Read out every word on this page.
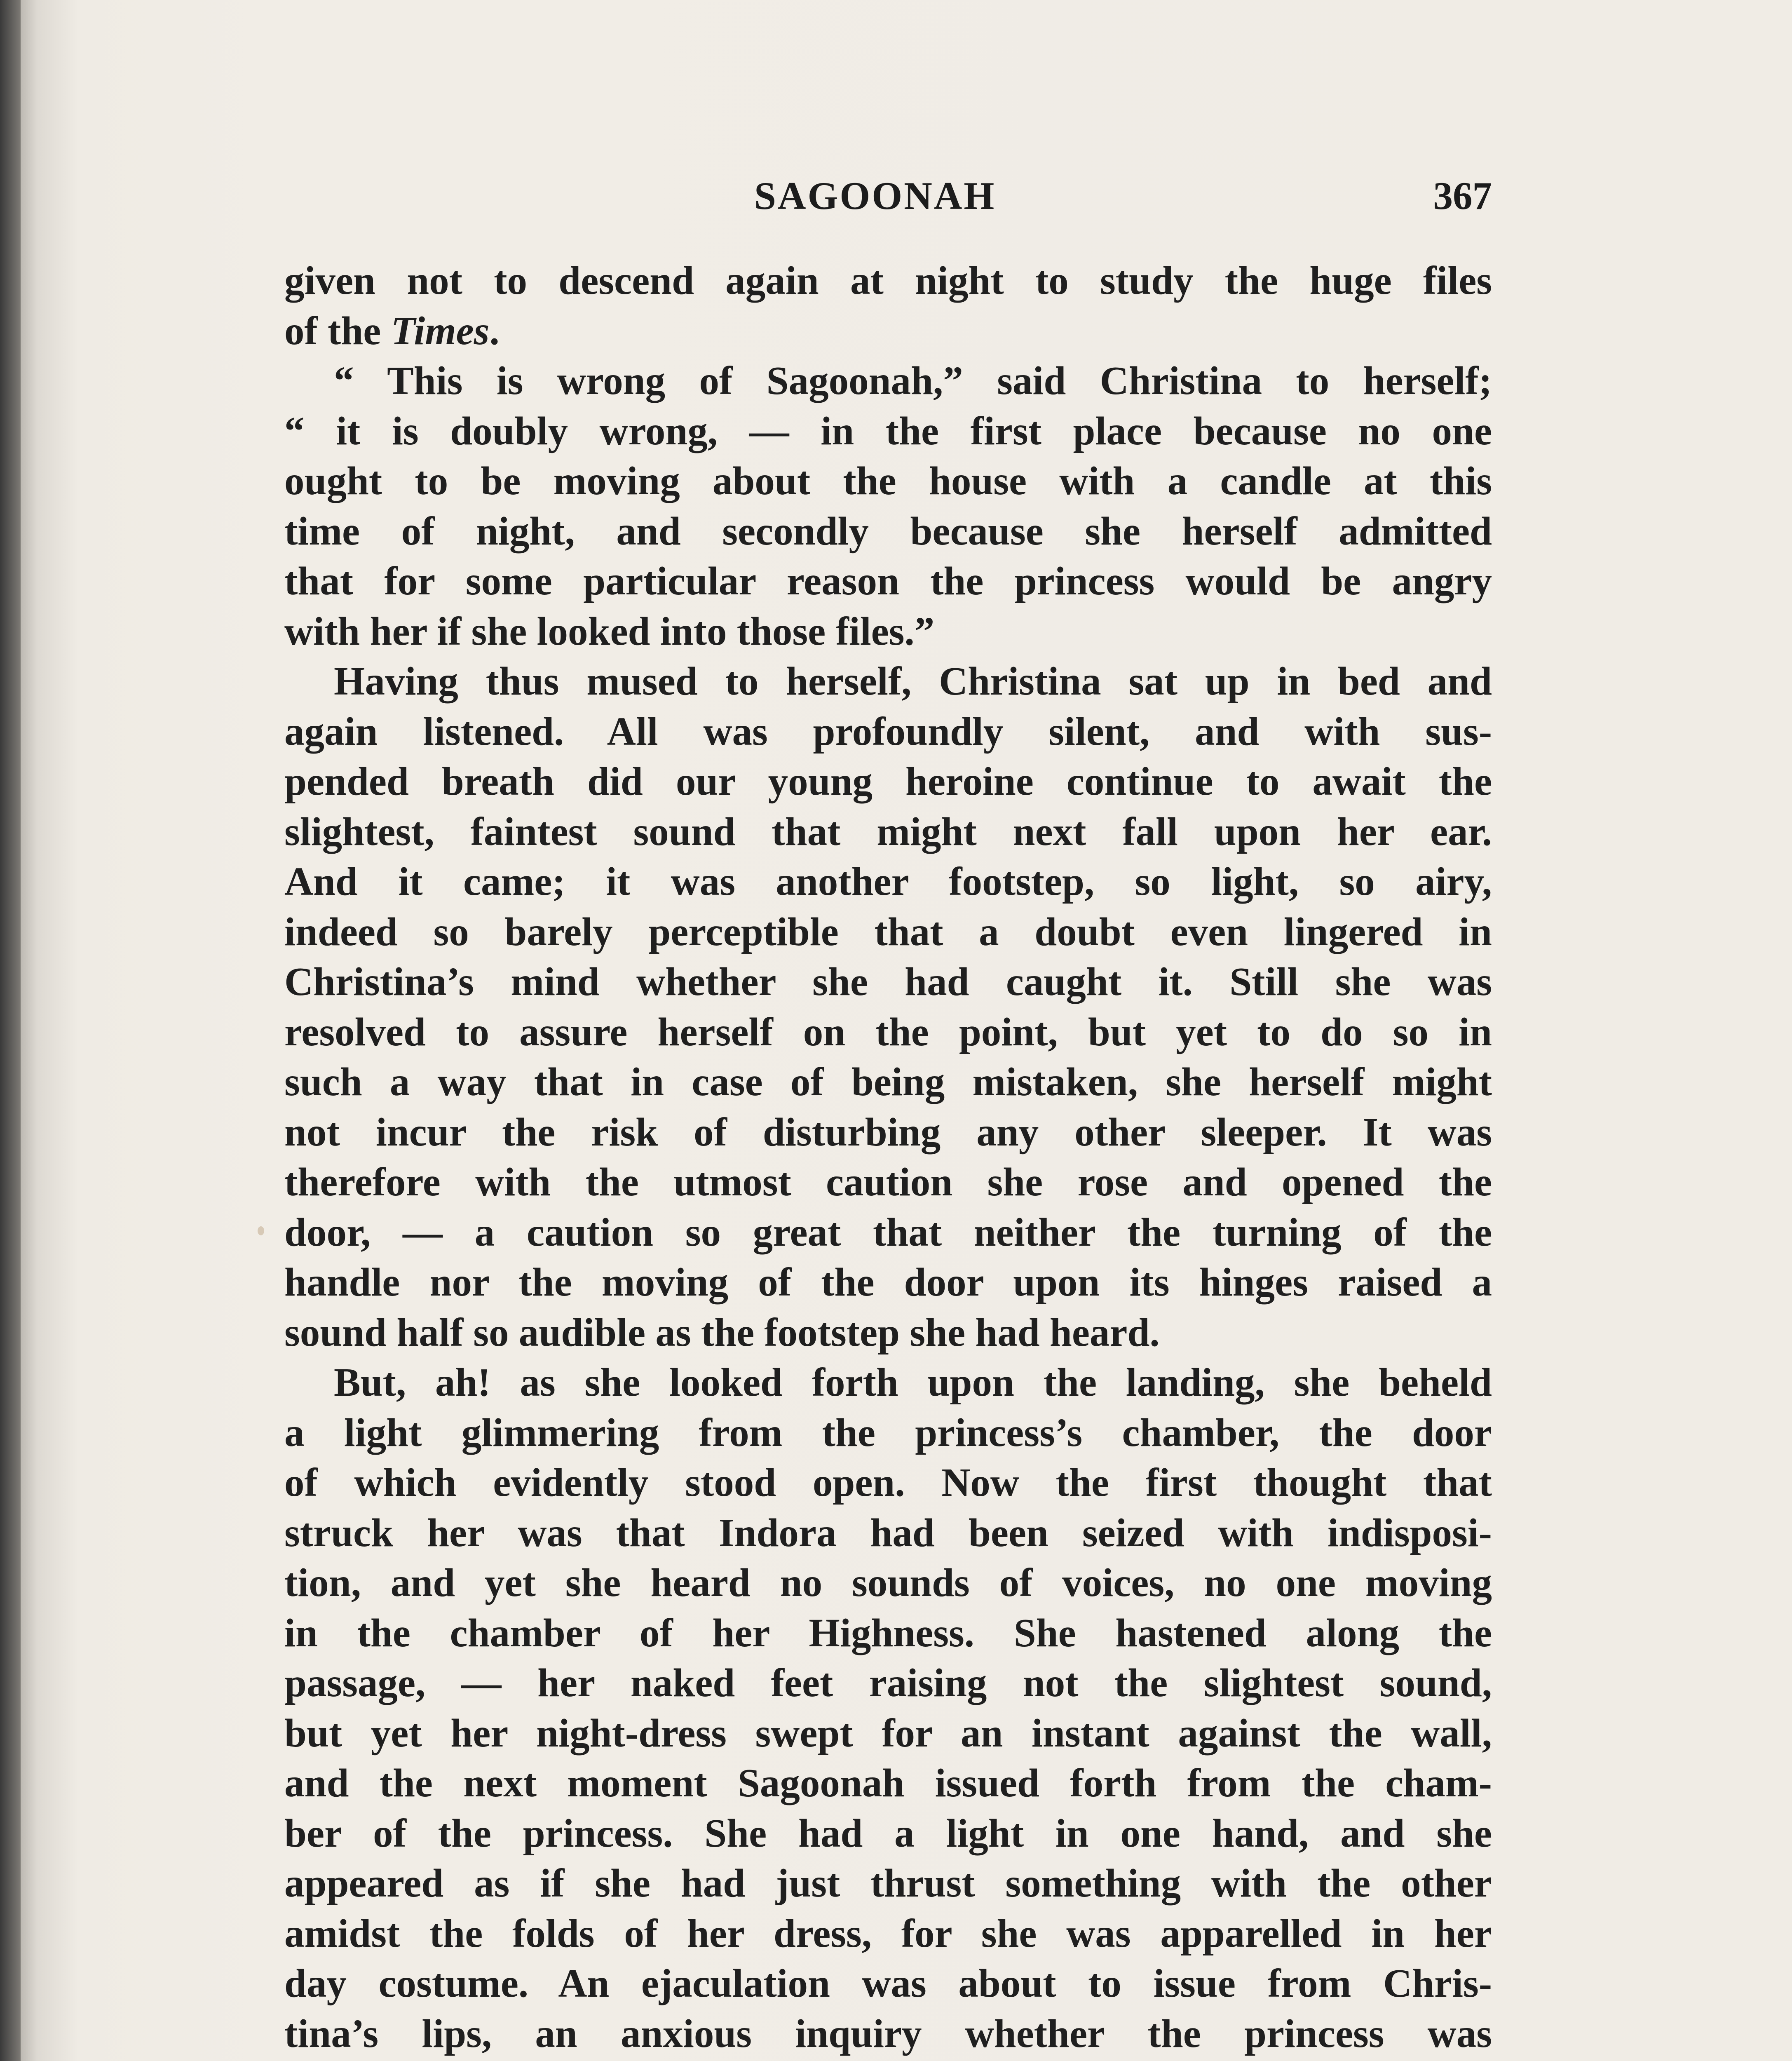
SAGOONAH	367
given not to descend again at night to study the huge files
of the Times.
“ This is wrong of Sagoonah,” said Christina to herself;
“ it is doubly wrong, — in the first place because no one
ought to be moving about the house with a candle at this
time of night, and secondly because she herself admitted
that for some particular reason the princess would be angry
with her if she looked into those files.”
Having thus mused to herself, Christina sat up in bed and
again listened. All was profoundly silent, and with sus-
pended breath did our young heroine continue to await the
slightest, faintest sound that might next fall upon her ear.
And it came; it was another footstep, so light, so airy,
indeed so barely perceptible that a doubt even lingered in
Christina’s mind whether she had caught it. Still she was
resolved to assure herself on the point, but yet to do so in
such a way that in case of being mistaken, she herself might
not incur the risk of disturbing any other sleeper. It was
therefore with the utmost caution she rose and opened the
door, — a caution so great that neither the turning of the
handle nor the moving of the door upon its hinges raised a
sound half so audible as the footstep she had heard.
But, ah! as she looked forth upon the landing, she beheld
a light glimmering from the princess’s chamber, the door
of which evidently stood open. Now the first thought that
struck her was that Indora had been seized with indisposi-
tion, and yet she heard no sounds of voices, no one moving
in the chamber of her Highness. She hastened along the
passage, — her naked feet raising not the slightest sound,
but yet her night-dress swept for an instant against the wall,
and the next moment Sagoonah issued forth from the cham-
ber of the princess. She had a light in one hand, and she
appeared as if she had just thrust something with the other
amidst the folds of her dress, for she was apparelled in her
day costume. An ejaculation was about to issue from Chris-
tina’s lips, an anxious inquiry whether the princess was
